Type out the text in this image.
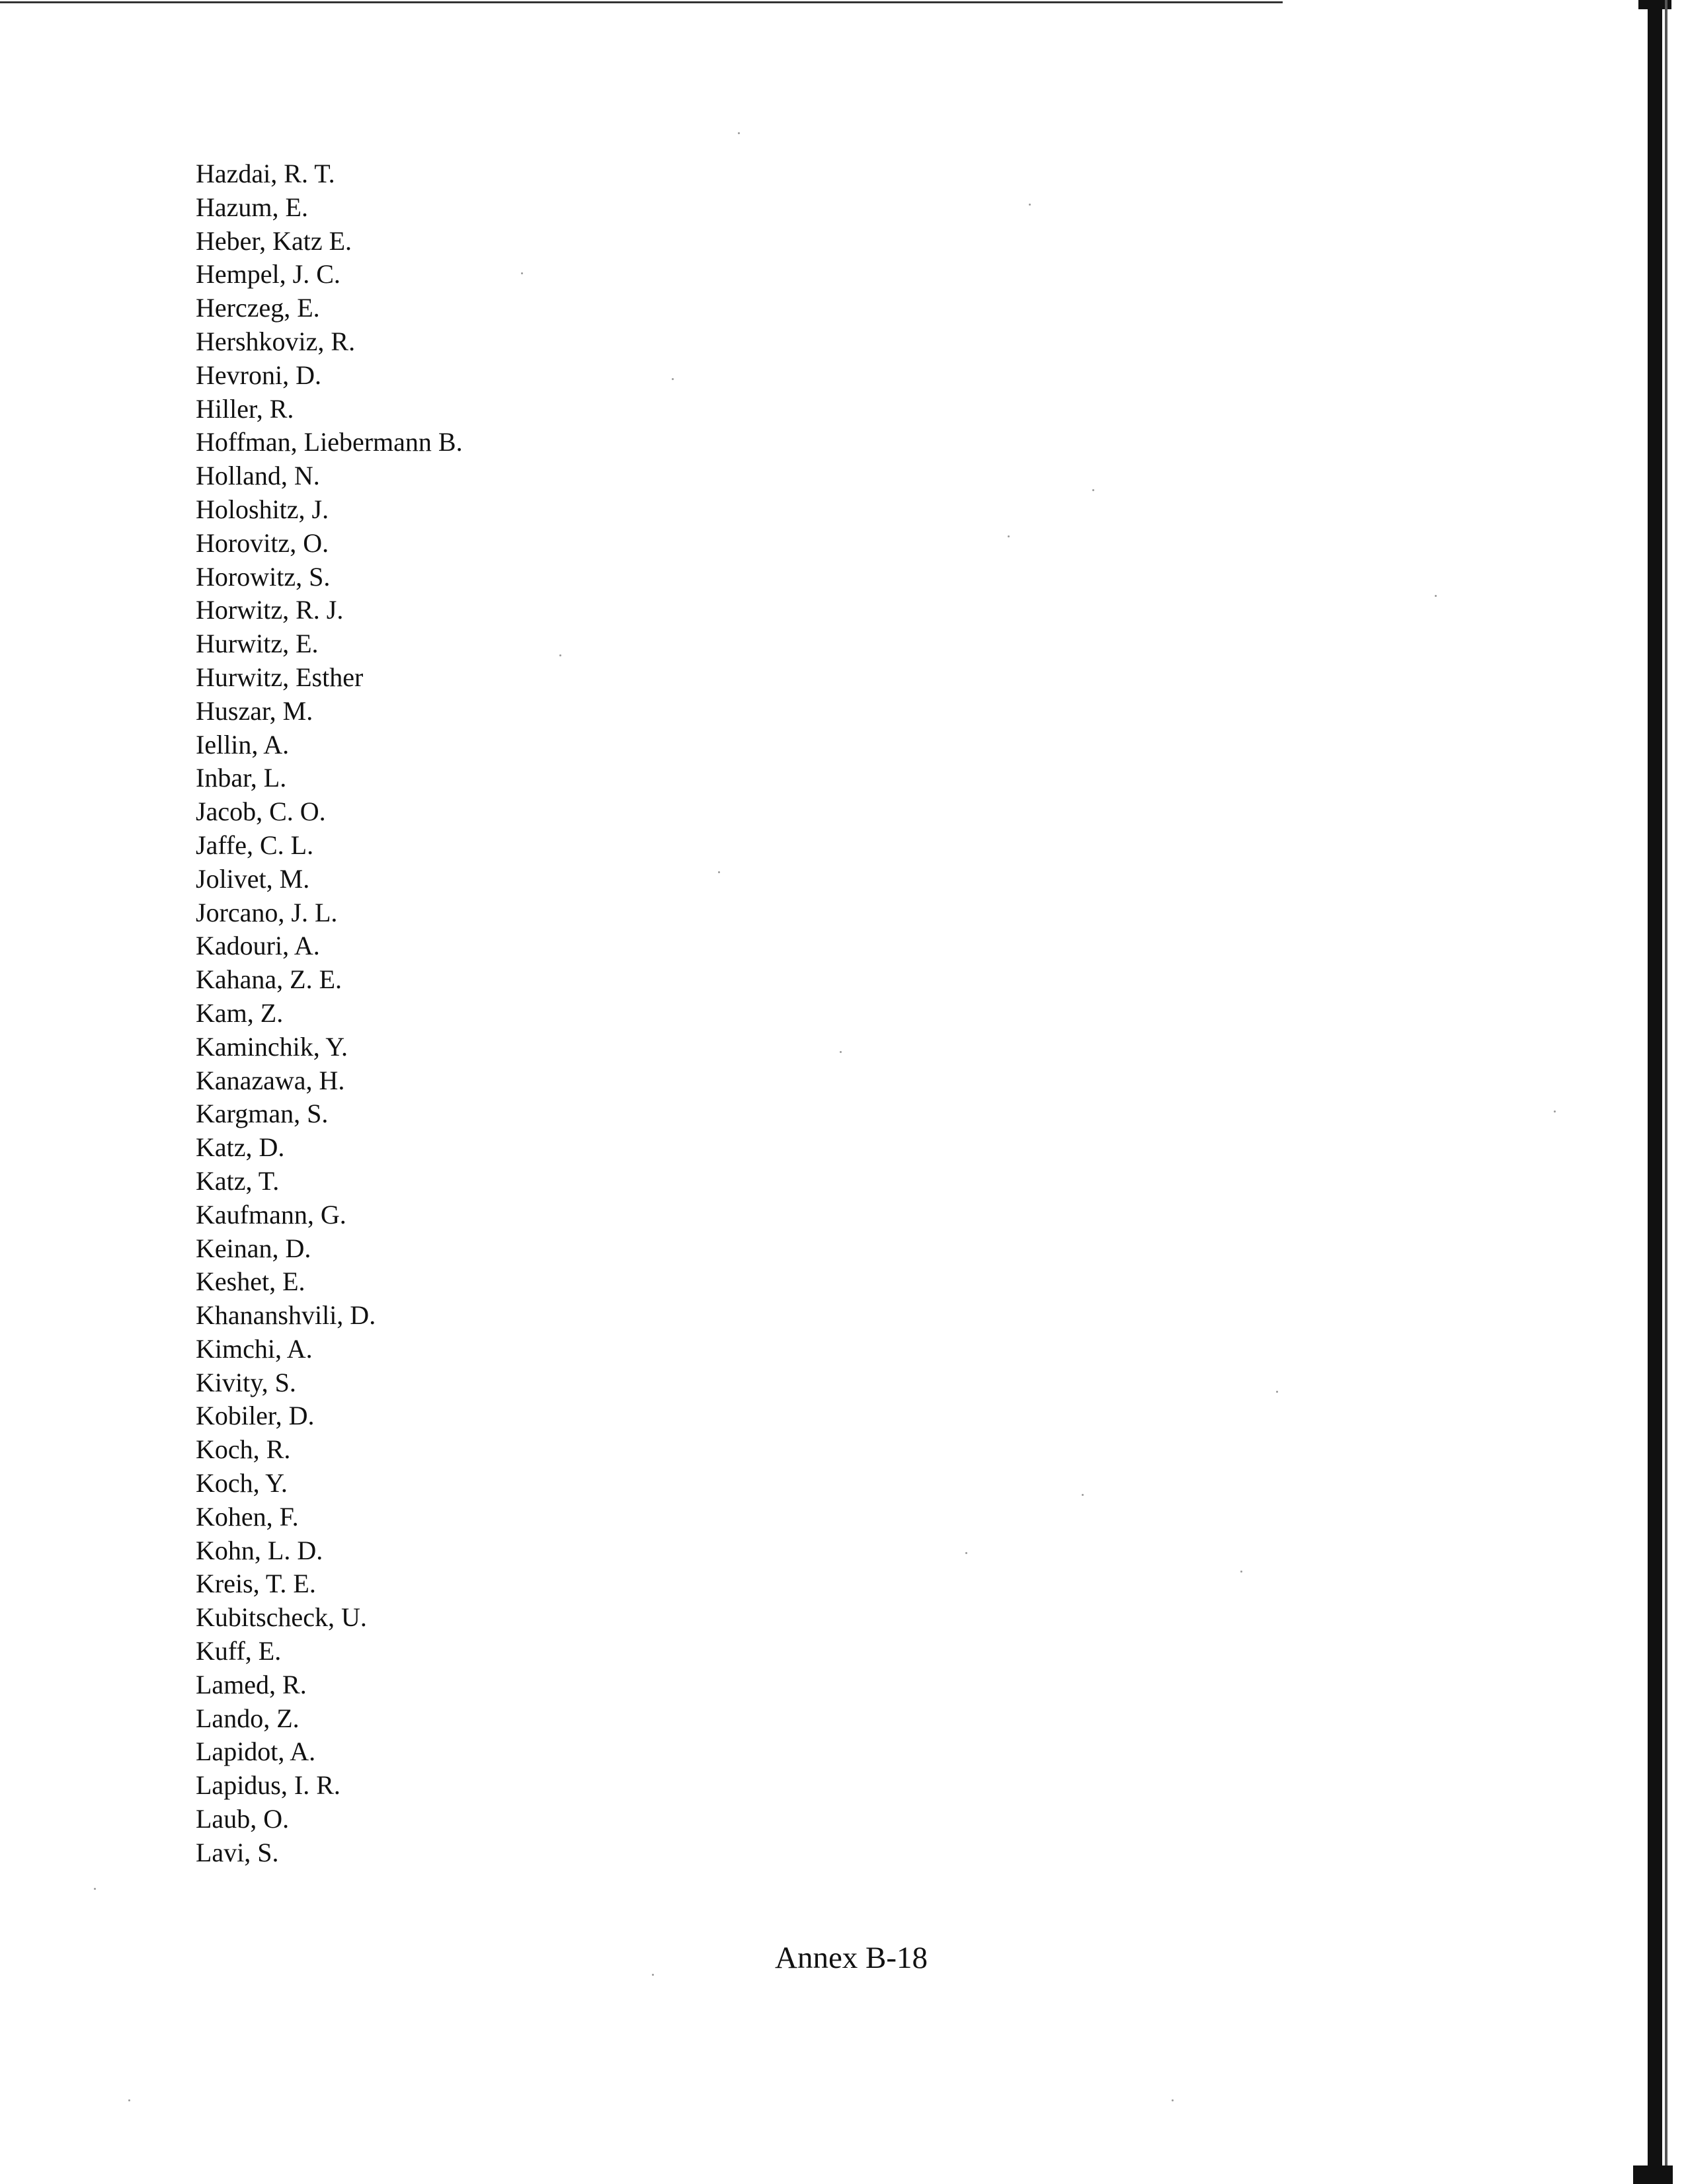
Hazdai, R. T.
Hazum, E.
Heber, Katz E.
Hempel, J. C.
Herczeg, E.
Hershkoviz, R.
Hevroni, D.
Hiller, R.
Hoffman, Liebermann B.
Holland, N.
Holoshitz, J.
Horovitz, O.
Horowitz, S.
Horwitz, R. J.
Hurwitz, E.
Hurwitz, Esther
Huszar, M.
Iellin, A.
Inbar, L.
Jacob, C. O.
Jaffe, C. L.
Jolivet, M.
Jorcano, J. L.
Kadouri, A.
Kahana, Z. E.
Kam, Z.
Kaminchik, Y.
Kanazawa, H.
Kargman, S.
Katz, D.
Katz, T.
Kaufmann, G.
Keinan, D.
Keshet, E.
Khananshvili, D.
Kimchi, A.
Kivity, S.
Kobiler, D.
Koch, R.
Koch, Y.
Kohen, F.
Kohn, L. D.
Kreis, T. E.
Kubitscheck, U.
Kuff, E.
Lamed, R.
Lando, Z.
Lapidot, A.
Lapidus, I. R.
Laub, O.
Lavi, S.
Annex B-18
